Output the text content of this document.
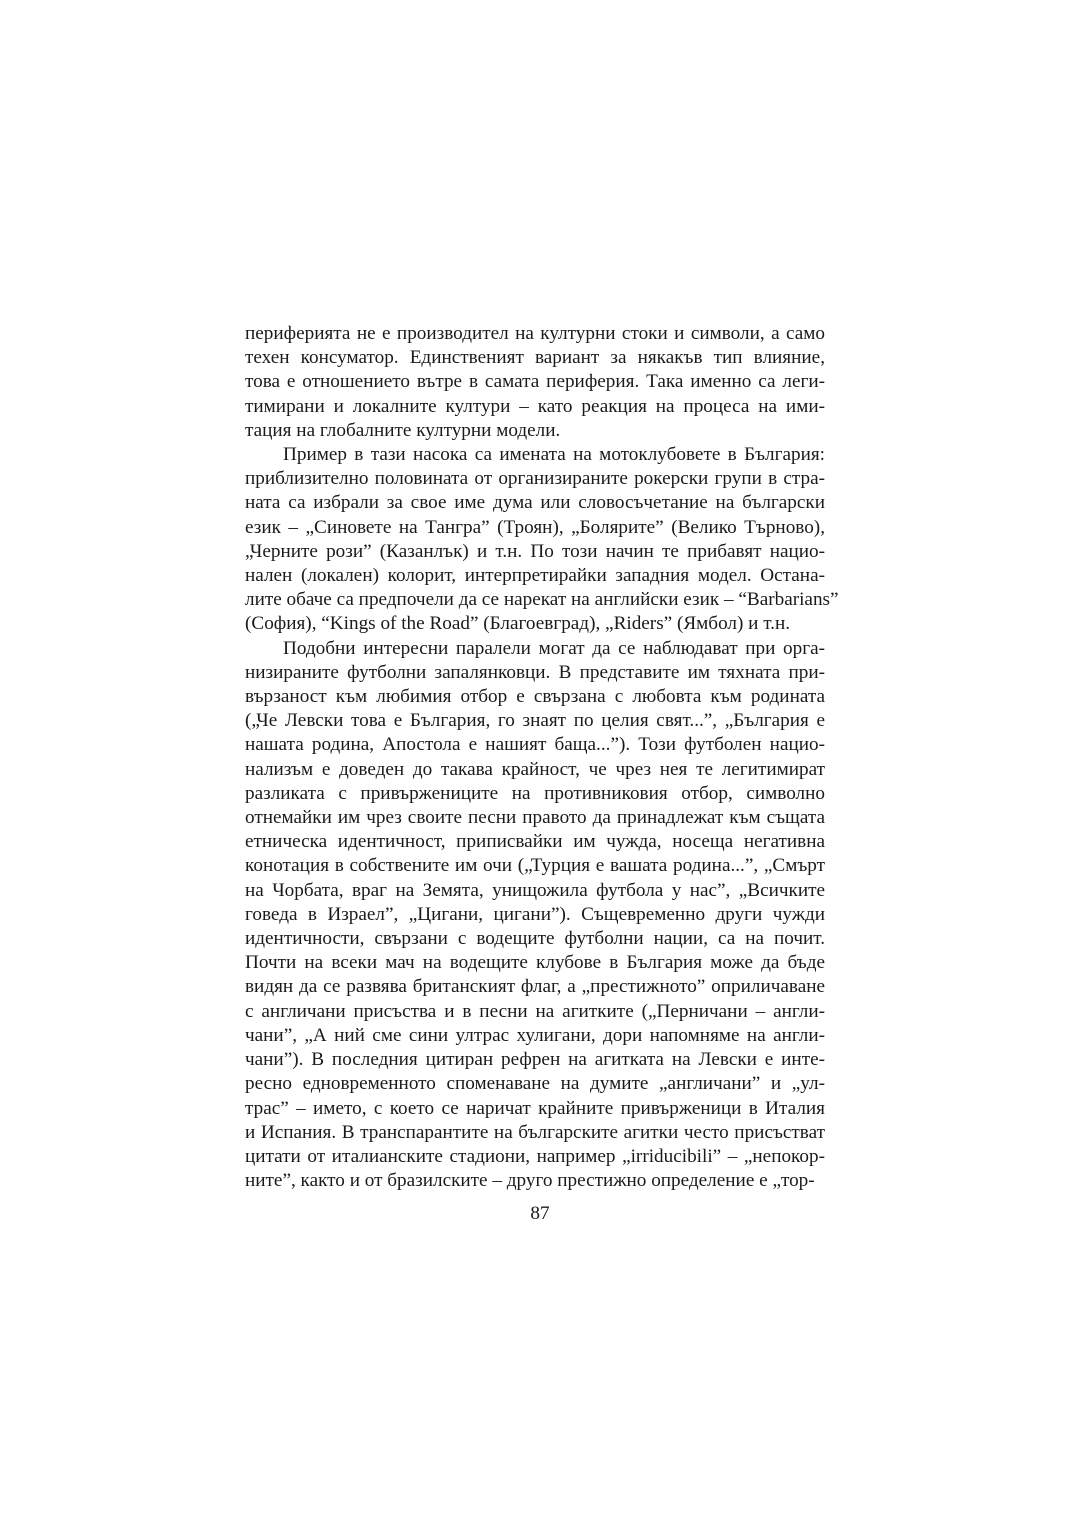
периферията не е производител на културни стоки и символи, а само
техен консуматор. Единственият вариант за някакъв тип влияние,
това е отношението вътре в самата периферия. Така именно са леги-
тимирани и локалните култури – като реакция на процеса на ими-
тация на глобалните културни модели.
Пример в тази насока са имената на мотоклубовете в България:
приблизително половината от организираните рокерски групи в стра-
ната са избрали за свое име дума или словосъчетание на български
език – „Синовете на Тангра” (Троян), „Болярите” (Велико Търново),
„Черните рози” (Казанлък) и т.н. По този начин те прибавят нацио-
нален (локален) колорит, интерпретирайки западния модел. Остана-
лите обаче са предпочели да се нарекат на английски език – “Barbarians”
(София), “Kings of the Road” (Благоевград), „Riders” (Ямбол) и т.н.
Подобни интересни паралели могат да се наблюдават при орга-
низираните футболни запалянковци. В представите им тяхната при-
вързаност към любимия отбор е свързана с любовта към родината
(„Че Левски това е България, го знаят по целия свят...”, „България е
нашата родина, Апостола е нашият баща...”). Този футболен нацио-
нализъм е доведен до такава крайност, че чрез нея те легитимират
разликата с привържениците на противниковия отбор, символно
отнемайки им чрез своите песни правото да принадлежат към същата
етническа идентичност, приписвайки им чужда, носеща негативна
конотация в собствените им очи („Турция е вашата родина...”, „Смърт
на Чорбата, враг на Земята, унищожила футбола у нас”, „Всичките
говеда в Израел”, „Цигани, цигани”). Същевременно други чужди
идентичности, свързани с водещите футболни нации, са на почит.
Почти на всеки мач на водещите клубове в България може да бъде
видян да се развява британският флаг, а „престижното” оприличаване
с англичани присъства и в песни на агитките („Перничани – англи-
чани”, „А ний сме сини ултрас хулигани, дори напомняме на англи-
чани”). В последния цитиран рефрен на агитката на Левски е инте-
ресно едновременното споменаване на думите „англичани” и „ул-
трас” – името, с което се наричат крайните привърженици в Италия
и Испания. В транспарантите на българските агитки често присъстват
цитати от италианските стадиони, например „irriducibili” – „непокор-
ните”, както и от бразилските – друго престижно определение е „тор-
87
